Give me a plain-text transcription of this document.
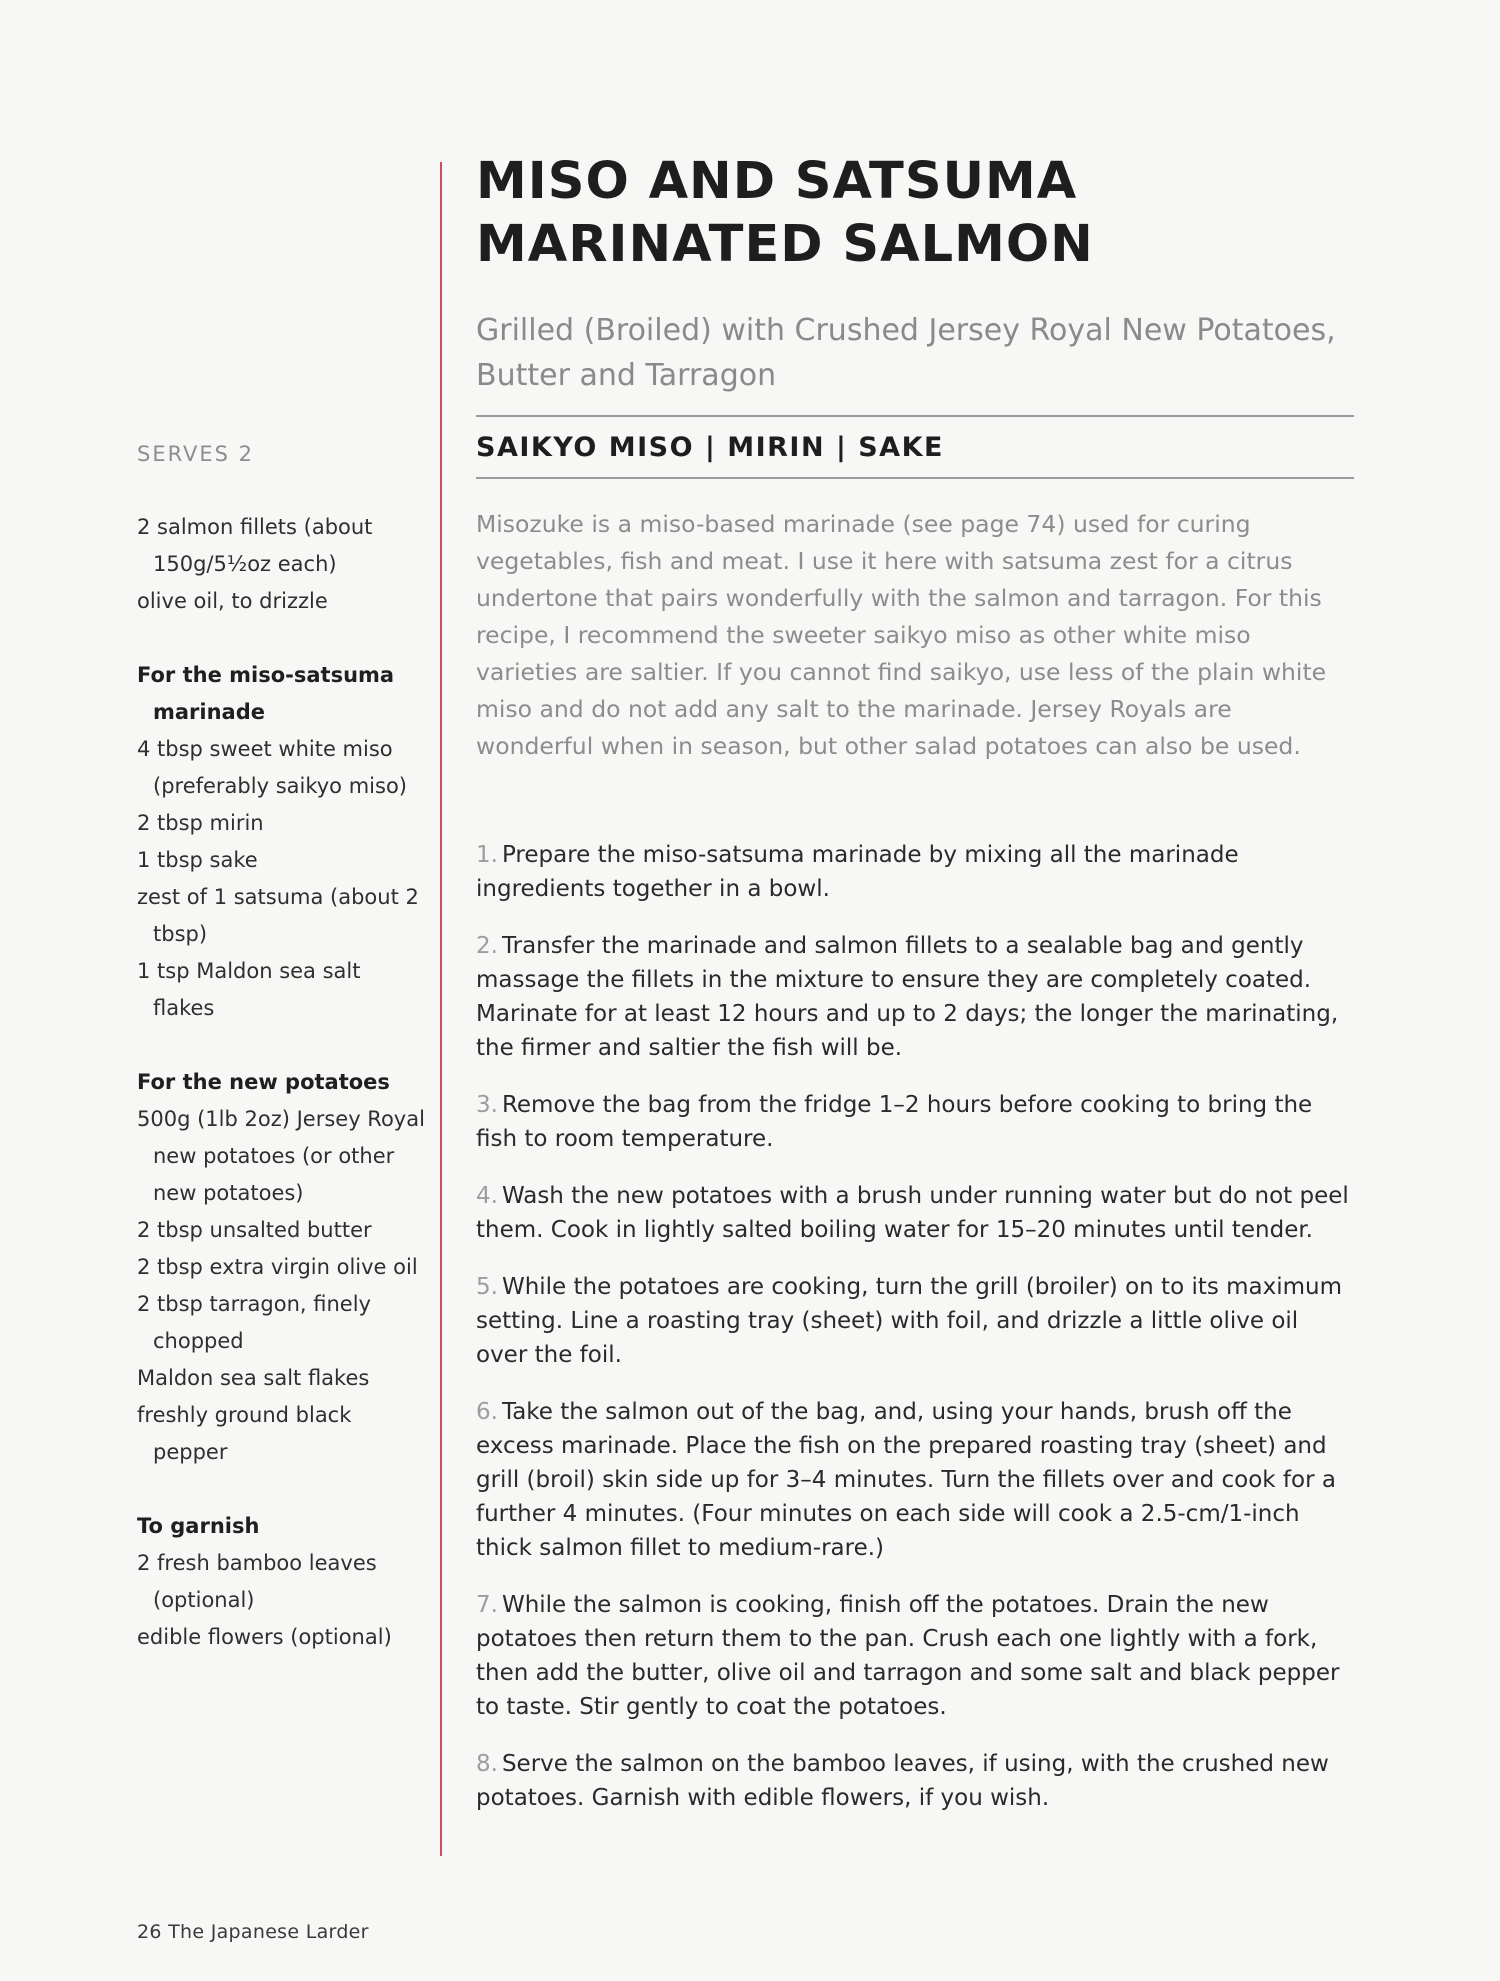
MISO AND SATSUMA MARINATED SALMON
Grilled (Broiled) with Crushed Jersey Royal New Potatoes, Butter and Tarragon
SAIKYO MISO | MIRIN | SAKE

Misozuke is a miso-based marinade (see page 74) used for curing vegetables, fish and meat. I use it here with satsuma zest for a citrus undertone that pairs wonderfully with the salmon and tarragon. For this recipe, I recommend the sweeter saikyo miso as other white miso varieties are saltier. If you cannot find saikyo, use less of the plain white miso and do not add any salt to the marinade. Jersey Royals are wonderful when in season, but other salad potatoes can also be used.

1. Prepare the miso-satsuma marinade by mixing all the marinade ingredients together in a bowl.
2. Transfer the marinade and salmon fillets to a sealable bag and gently massage the fillets in the mixture to ensure they are completely coated. Marinate for at least 12 hours and up to 2 days; the longer the marinating, the firmer and saltier the fish will be.
3. Remove the bag from the fridge 1–2 hours before cooking to bring the fish to room temperature.
4. Wash the new potatoes with a brush under running water but do not peel them. Cook in lightly salted boiling water for 15–20 minutes until tender.
5. While the potatoes are cooking, turn the grill (broiler) on to its maximum setting. Line a roasting tray (sheet) with foil, and drizzle a little olive oil over the foil.
6. Take the salmon out of the bag, and, using your hands, brush off the excess marinade. Place the fish on the prepared roasting tray (sheet) and grill (broil) skin side up for 3–4 minutes. Turn the fillets over and cook for a further 4 minutes. (Four minutes on each side will cook a 2.5-cm/1-inch thick salmon fillet to medium-rare.)
7. While the salmon is cooking, finish off the potatoes. Drain the new potatoes then return them to the pan. Crush each one lightly with a fork, then add the butter, olive oil and tarragon and some salt and black pepper to taste. Stir gently to coat the potatoes.
8. Serve the salmon on the bamboo leaves, if using, with the crushed new potatoes. Garnish with edible flowers, if you wish.

SERVES 2

2 salmon fillets (about 150g/5½oz each)
olive oil, to drizzle
For the miso-satsuma marinade
4 tbsp sweet white miso (preferably saikyo miso)
2 tbsp mirin
1 tbsp sake
zest of 1 satsuma (about 2 tbsp)
1 tsp Maldon sea salt flakes
For the new potatoes
500g (1lb 2oz) Jersey Royal new potatoes (or other new potatoes)
2 tbsp unsalted butter
2 tbsp extra virgin olive oil
2 tbsp tarragon, finely chopped
Maldon sea salt flakes
freshly ground black pepper
To garnish
2 fresh bamboo leaves (optional)
edible flowers (optional)
26 The Japanese Larder
